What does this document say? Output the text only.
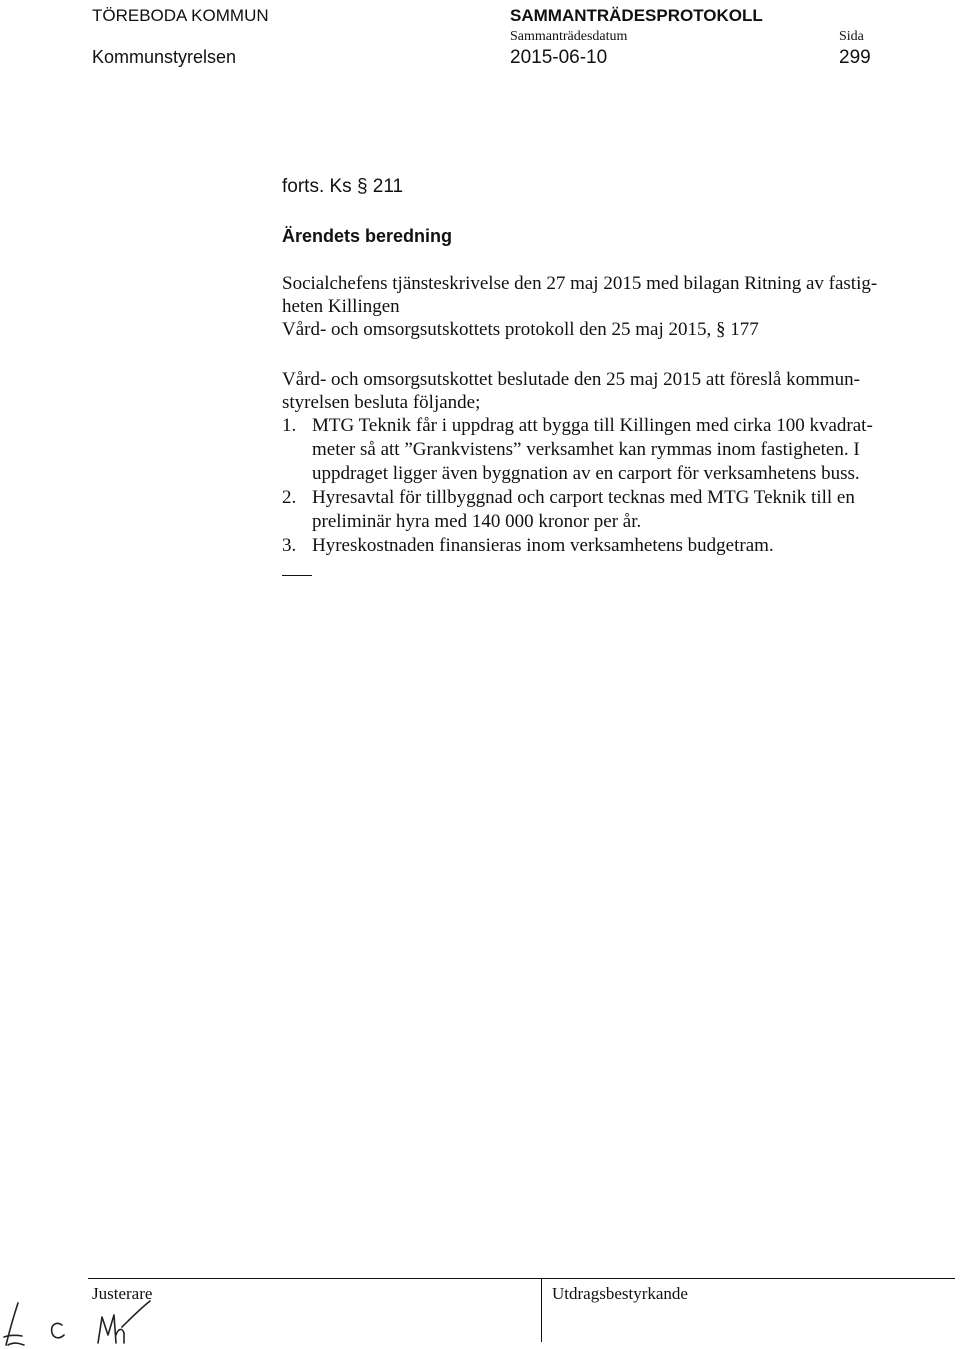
TÖREBODA KOMMUN
Kommunstyrelsen
SAMMANTRÄDESPROTOKOLL
Sammanträdesdatum
2015-06-10
Sida
299
forts. Ks § 211
Ärendets beredning
Socialchefens tjänsteskrivelse den 27 maj 2015 med bilagan Ritning av fastig-
heten Killingen
Vård- och omsorgsutskottets protokoll den 25 maj 2015, § 177
Vård- och omsorgsutskottet beslutade den 25 maj 2015 att föreslå kommun-
styrelsen besluta följande;
1. MTG Teknik får i uppdrag att bygga till Killingen med cirka 100 kvadrat-
meter så att ”Grankvistens” verksamhet kan rymmas inom fastigheten. I
uppdraget ligger även byggnation av en carport för verksamhetens buss.
2. Hyresavtal för tillbyggnad och carport tecknas med MTG Teknik till en
preliminär hyra med 140 000 kronor per år.
3. Hyreskostnaden finansieras inom verksamhetens budgetram.
Justerare	Utdragsbestyrkande
